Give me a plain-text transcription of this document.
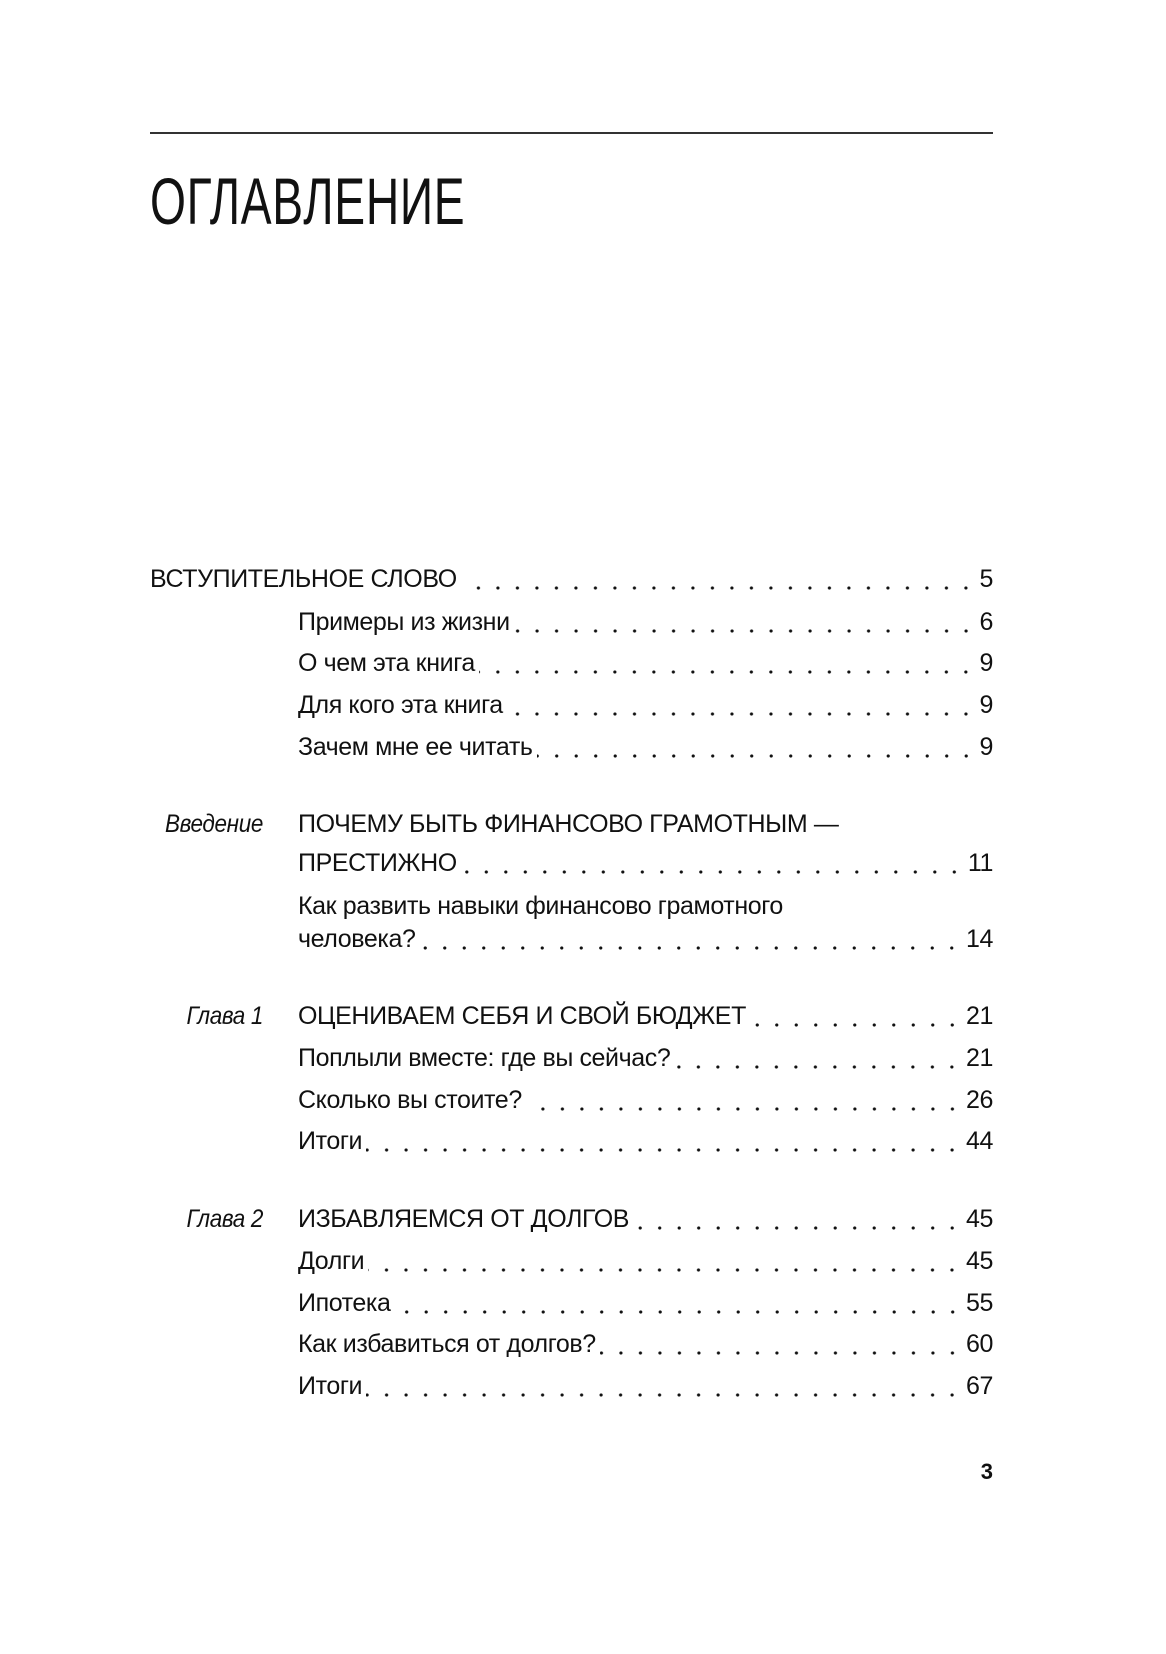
ОГЛАВЛЕНИЕ
ВСТУПИТЕЛЬНОЕ СЛОВО	5
Примеры из жизни	6
О чем эта книга	9
Для кого эта книга	9
Зачем мне ее читать	9
Введение ПОЧЕМУ БЫТЬ ФИНАНСОВО ГРАМОТНЫМ —
ПРЕСТИЖНО	11
Как развить навыки финансово грамотного
человека?	14
Глава 1 ОЦЕНИВАЕМ СЕБЯ И СВОЙ БЮДЖЕТ	21
Поплыли вместе: где вы сейчас?	21
Сколько вы стоите?	26
Итоги	44
Глава 2 ИЗБАВЛЯЕМСЯ ОТ ДОЛГОВ	45
Долги	45
Ипотека	55
Как избавиться от долгов?	60
Итоги	67
3
